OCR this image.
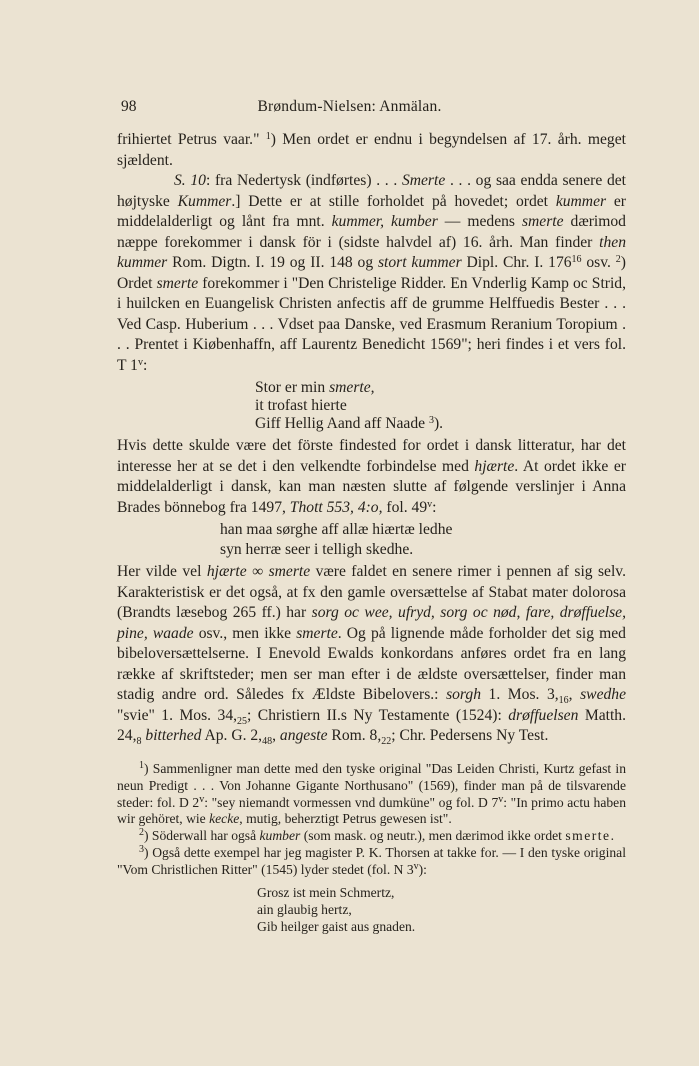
98	Brøndum-Nielsen: Anmälan.

frihiertet Petrus vaar." $^1$) Men ordet er endnu i begyndelsen af 17. årh. meget sjældent.

S. 10: fra Nedertysk (indførtes) . . . Smerte . . . og saa endda senere det højtyske Kummer.] Dette er at stille forholdet på hovedet; ordet kummer er middelalderligt og lånt fra mnt. kummer, kumber — medens smerte dærimod næppe forekommer i dansk för i (sidste halvdel af) 16. årh. Man finder then kummer Rom. Digtn. I. 19 og II. 148 og stort kummer Dipl. Chr. I. $176^{16}$ osv. $^2$) Ordet smerte forekommer i "Den Christelige Ridder. En Vnderlig Kamp oc Strid, i huilcken en Euangelisk Christen anfectis aff de grumme Helffuedis Bester . . . Ved Casp. Huberium . . . Vdset paa Danske, ved Erasmum Reranium Toropium . . . Prentet i Kiøbenhaffn, aff Laurentz Benedicht 1569"; heri findes i et vers fol. T 1$^v$:

Stor er min smerte,
it trofast hierte
Giff Hellig Aand aff Naade $^3$).

Hvis dette skulde være det förste findested for ordet i dansk litteratur, har det interesse her at se det i den velkendte forbindelse med hjærte. At ordet ikke er middelalderligt i dansk, kan man næsten slutte af følgende verslinjer i Anna Brades bönnebog fra 1497, Thott 553, 4:o, fol. 49$^v$:

han maa sørghe aff allæ hiærtæ ledhe
syn herræ seer i telligh skedhe.

Her vilde vel hjærte ∞ smerte være faldet en senere rimer i pennen af sig selv. Karakteristisk er det også, at fx den gamle oversættelse af Stabat mater dolorosa (Brandts læsebog 265 ff.) har sorg oc wee, ufryd, sorg oc nød, fare, drøffuelse, pine, waade osv., men ikke smerte. Og på lignende måde forholder det sig med bibeloversættelserne. I Enevold Ewalds konkordans anføres ordet fra en lang række af skriftsteder; men ser man efter i de ældste oversættelser, finder man stadig andre ord. Således fx Ældste Bibelovers.: sorgh 1. Mos. $3,_{16}$, swedhe "svie" 1. Mos. $34,_{25}$; Christiern II.s Ny Testamente (1524): drøffuelsen Matth. $24,_8$ bitterhed Ap. G. $2,_{48}$, angeste Rom. $8,_{22}$; Chr. Pedersens Ny Test.

$^1$) Sammenligner man dette med den tyske original "Das Leiden Christi, Kurtz gefast in neun Predigt . . . Von Johanne Gigante Northusano" (1569), finder man på de tilsvarende steder: fol. D 2$^v$: "sey niemandt vormessen vnd dumküne" og fol. D 7$^v$: "In primo actu haben wir gehöret, wie kecke, mutig, beherztigt Petrus gewesen ist".

$^2$) Söderwall har også kumber (som mask. og neutr.), men dærimod ikke ordet smerte.

$^3$) Også dette exempel har jeg magister P. K. Thorsen at takke for. — I den tyske original "Vom Christlichen Ritter" (1545) lyder stedet (fol. N 3$^v$):

Grosz ist mein Schmertz,
ain glaubig hertz,
Gib heilger gaist aus gnaden.
